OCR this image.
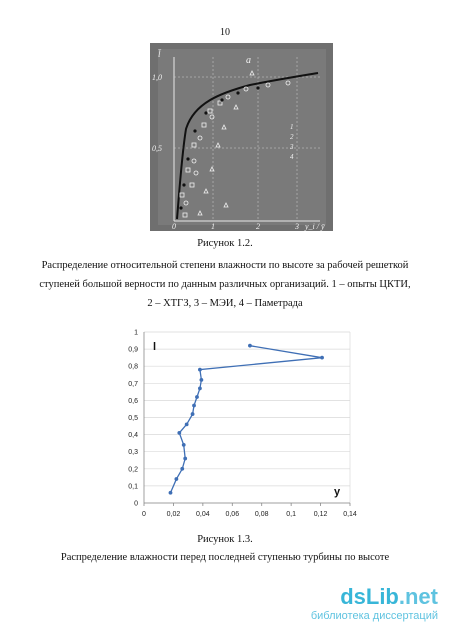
10
l̄
а
1,0
0,5
0	1	2	3 y_i / ȳ
1
2
3
4
Рисунок 1.2.
Распределение относительной степени влажности по высоте за рабочей решеткой
ступеней большой верности по данным различных организаций. 1 – опыты ЦКТИ,
2 – ХТГЗ, 3 – МЭИ, 4 – Паметрада
0
0,1
0,2
0,3
0,4
0,5
0,6
0,7
0,8
0,9
1
0	0,02 0,04 0,06 0,08	0,1	0,12 0,14
l
y
Рисунок 1.3.
Распределение влажности перед последней ступенью турбины по высоте
dsLib.net
библиотека диссертаций
